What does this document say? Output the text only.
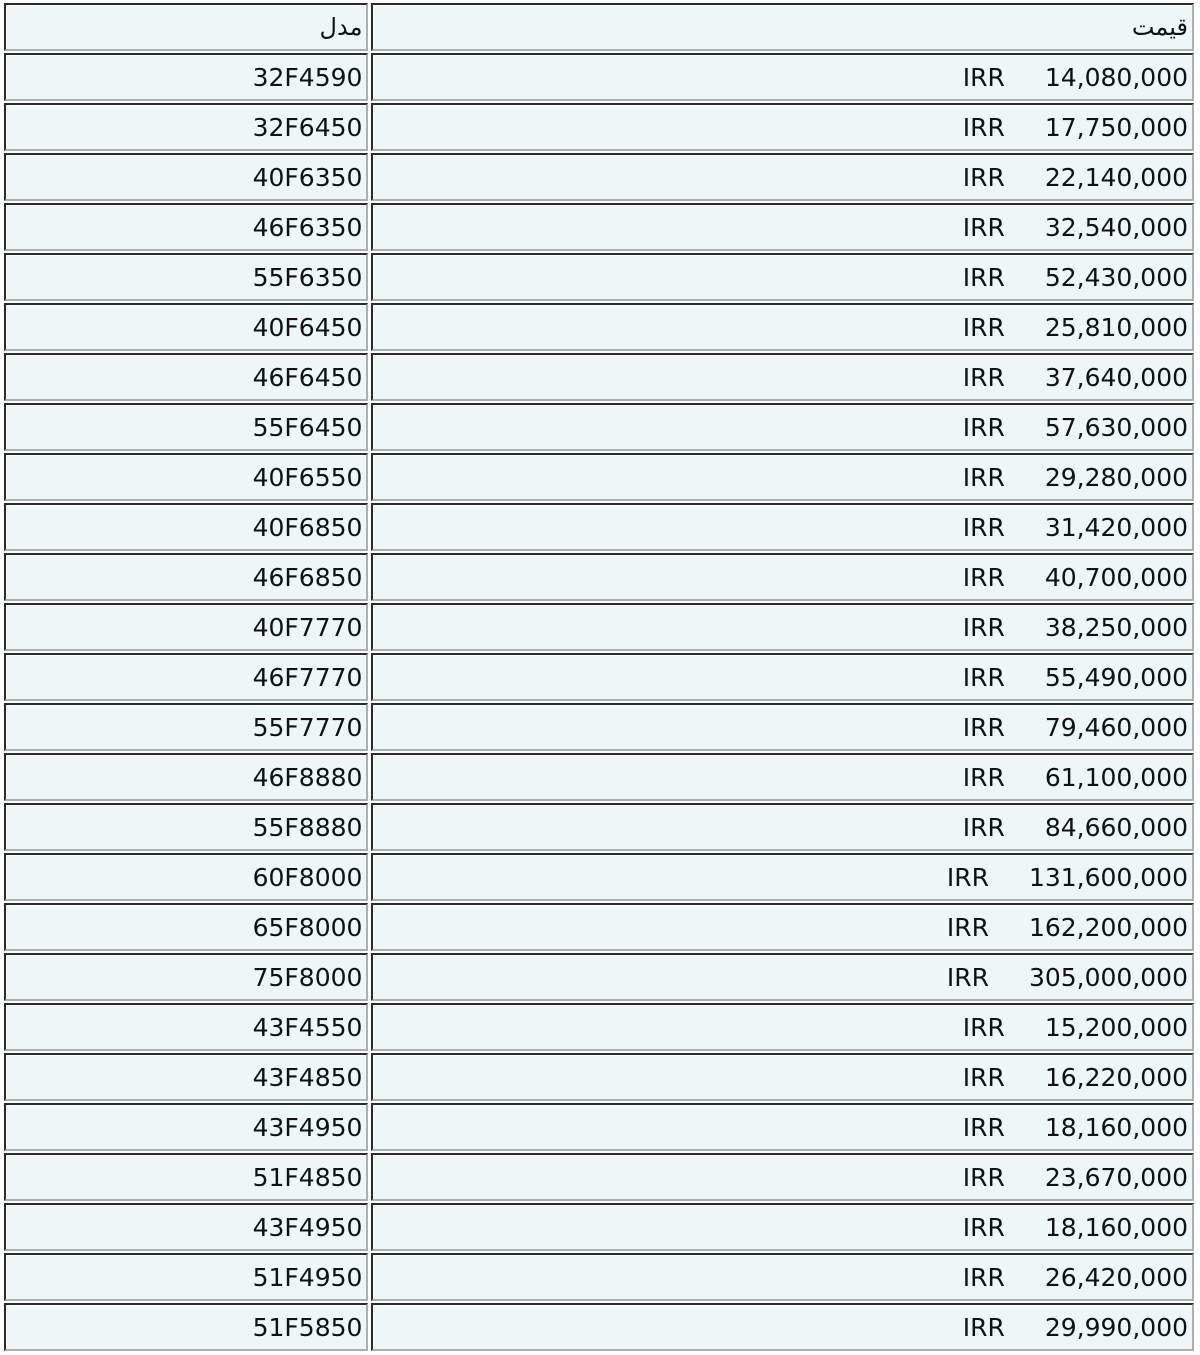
مدل	قیمت
32F4590	IRR 14,080,000
32F6450	IRR 17,750,000
40F6350	IRR 22,140,000
46F6350	IRR 32,540,000
55F6350	IRR 52,430,000
40F6450	IRR 25,810,000
46F6450	IRR 37,640,000
55F6450	IRR 57,630,000
40F6550	IRR 29,280,000
40F6850	IRR 31,420,000
46F6850	IRR 40,700,000
40F7770	IRR 38,250,000
46F7770	IRR 55,490,000
55F7770	IRR 79,460,000
46F8880	IRR 61,100,000
55F8880	IRR 84,660,000
60F8000	IRR 131,600,000
65F8000	IRR 162,200,000
75F8000	IRR 305,000,000
43F4550	IRR 15,200,000
43F4850	IRR 16,220,000
43F4950	IRR 18,160,000
51F4850	IRR 23,670,000
43F4950	IRR 18,160,000
51F4950	IRR 26,420,000
51F5850	IRR 29,990,000
